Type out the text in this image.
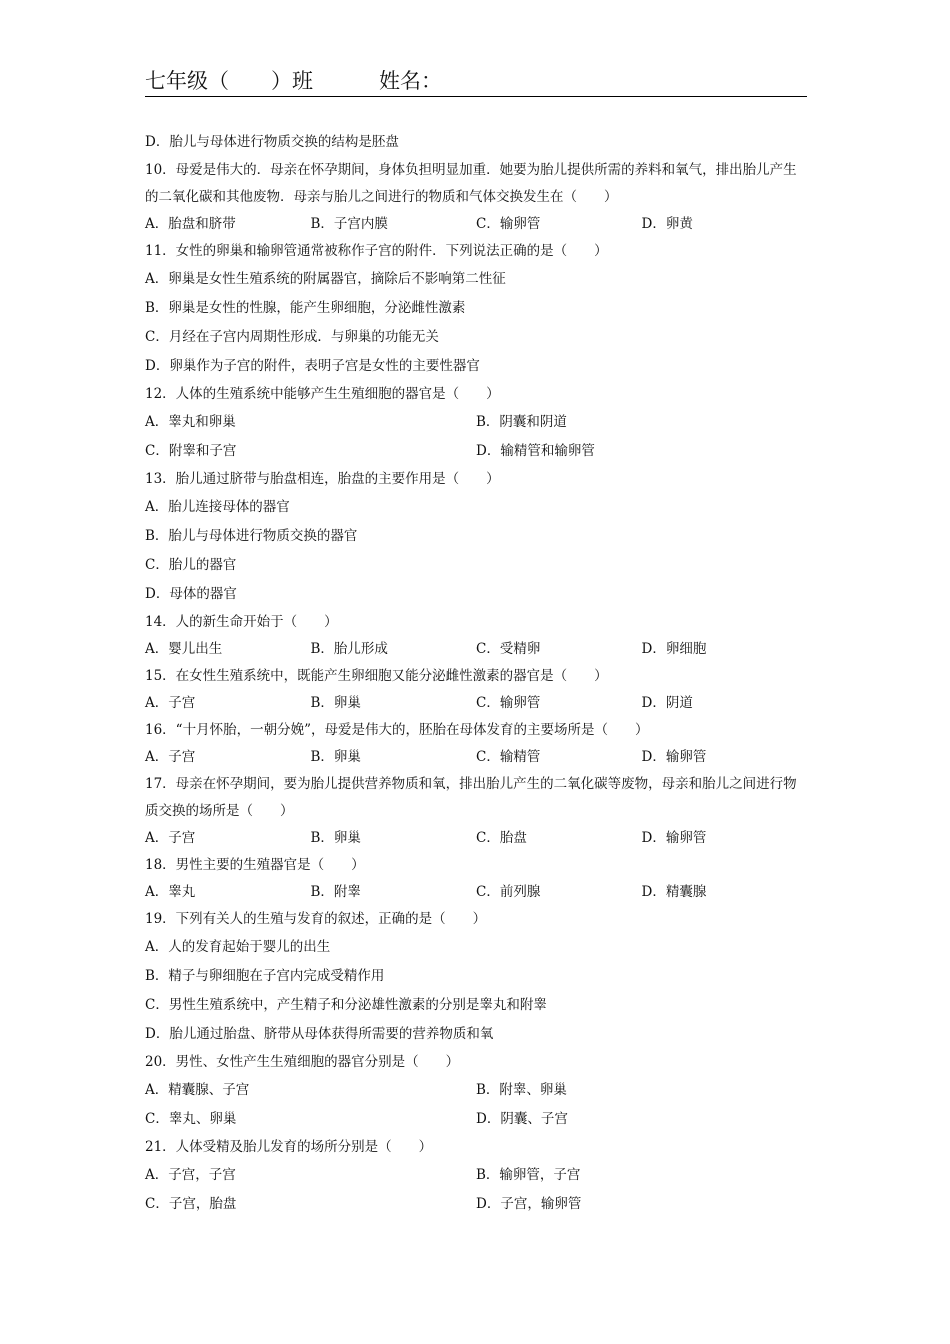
七年级（　　）班	姓名：
D．胎儿与母体进行物质交换的结构是胚盘
10．母爱是伟大的．母亲在怀孕期间，身体负担明显加重．她要为胎儿提供所需的养料和氧气，排出胎儿产生的二氧化碳和其他废物．母亲与胎儿之间进行的物质和气体交换发生在（　　）
A．胎盘和脐带	B．子宫内膜	C．输卵管	D．卵黄
11．女性的卵巢和输卵管通常被称作子宫的附件．下列说法正确的是（　　）
A．卵巢是女性生殖系统的附属器官，摘除后不影响第二性征
B．卵巢是女性的性腺，能产生卵细胞，分泌雌性激素
C．月经在子宫内周期性形成．与卵巢的功能无关
D．卵巢作为子宫的附件，表明子宫是女性的主要性器官
12．人体的生殖系统中能够产生生殖细胞的器官是（　　）
A．睾丸和卵巢	B．阴囊和阴道
C．附睾和子宫	D．输精管和输卵管
13．胎儿通过脐带与胎盘相连，胎盘的主要作用是（　　）
A．胎儿连接母体的器官
B．胎儿与母体进行物质交换的器官
C．胎儿的器官
D．母体的器官
14．人的新生命开始于（　　）
A．婴儿出生	B．胎儿形成	C．受精卵	D．卵细胞
15．在女性生殖系统中，既能产生卵细胞又能分泌雌性激素的器官是（　　）
A．子宫	B．卵巢	C．输卵管	D．阴道
16．“十月怀胎，一朝分娩”，母爱是伟大的，胚胎在母体发育的主要场所是（　　）
A．子宫	B．卵巢	C．输精管	D．输卵管
17．母亲在怀孕期间，要为胎儿提供营养物质和氧，排出胎儿产生的二氧化碳等废物，母亲和胎儿之间进行物质交换的场所是（　　）
A．子宫	B．卵巢	C．胎盘	D．输卵管
18．男性主要的生殖器官是（　　）
A．睾丸	B．附睾	C．前列腺	D．精囊腺
19．下列有关人的生殖与发育的叙述，正确的是（　　）
A．人的发育起始于婴儿的出生
B．精子与卵细胞在子宫内完成受精作用
C．男性生殖系统中，产生精子和分泌雄性激素的分别是睾丸和附睾
D．胎儿通过胎盘、脐带从母体获得所需要的营养物质和氧
20．男性、女性产生生殖细胞的器官分别是（　　）
A．精囊腺、子宫	B．附睾、卵巢
C．睾丸、卵巢	D．阴囊、子宫
21．人体受精及胎儿发育的场所分别是（　　）
A．子宫，子宫	B．输卵管，子宫
C．子宫，胎盘	D．子宫，输卵管
